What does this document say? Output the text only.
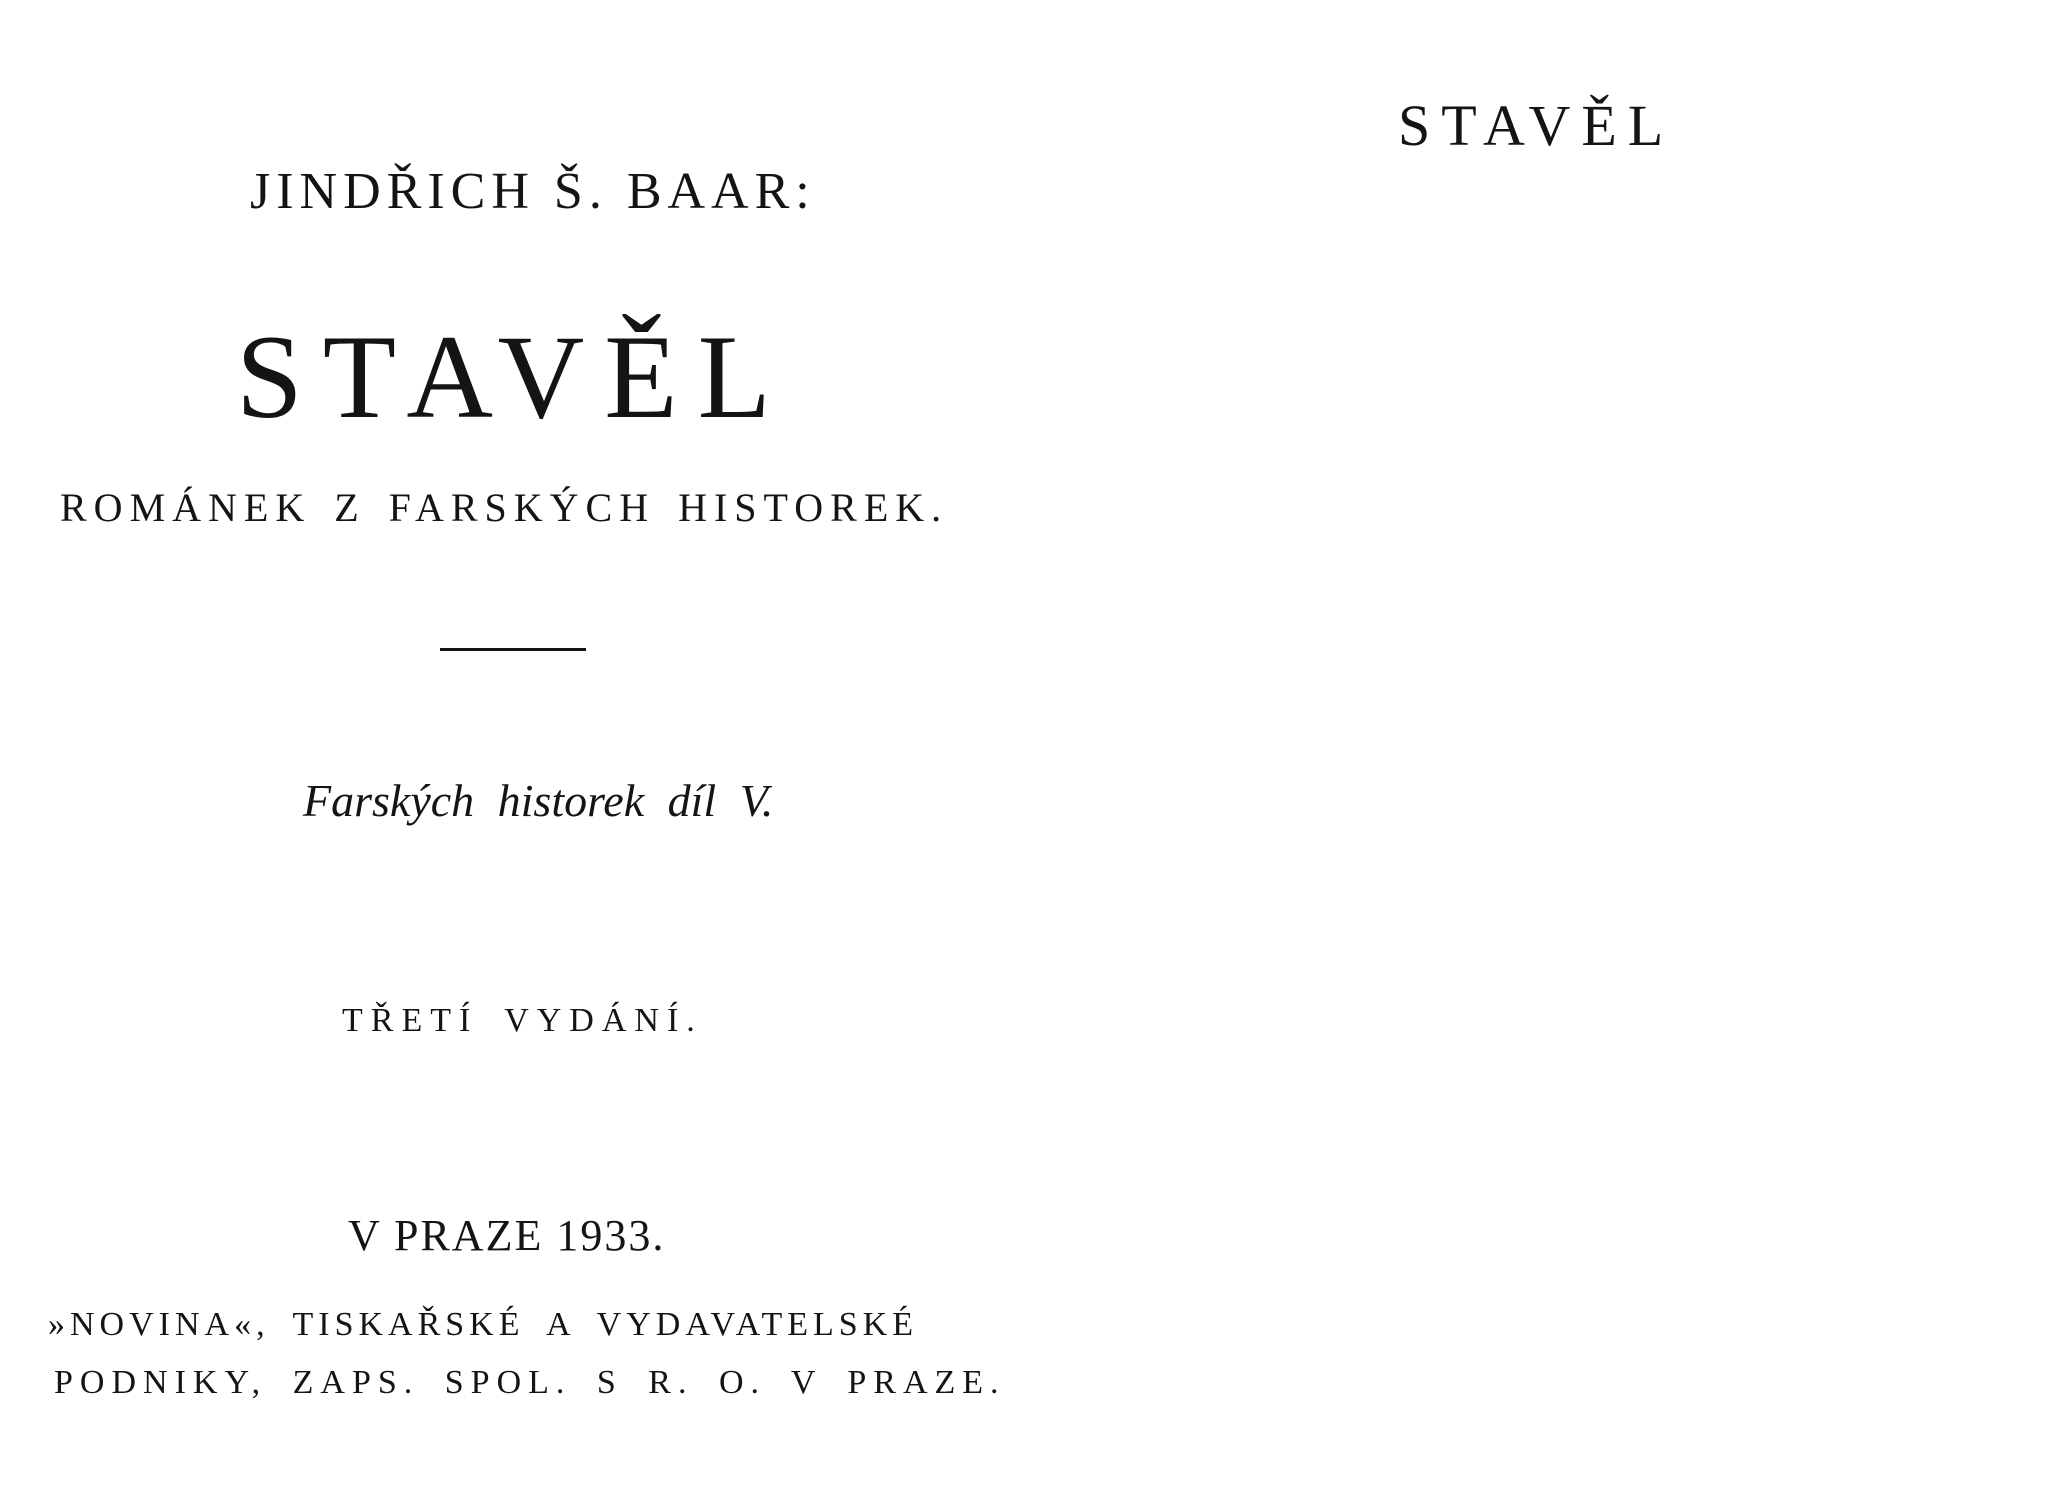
STAVĚL
JINDŘICH Š. BAAR:
STAVĚL
ROMÁNEK Z FARSKÝCH HISTOREK.
Farských historek díl V.
TŘETÍ VYDÁNÍ.
V PRAZE 1933.
»NOVINA«, TISKAŘSKÉ A VYDAVATELSKÉ
PODNIKY, ZAPS. SPOL. S R. O. V PRAZE.
